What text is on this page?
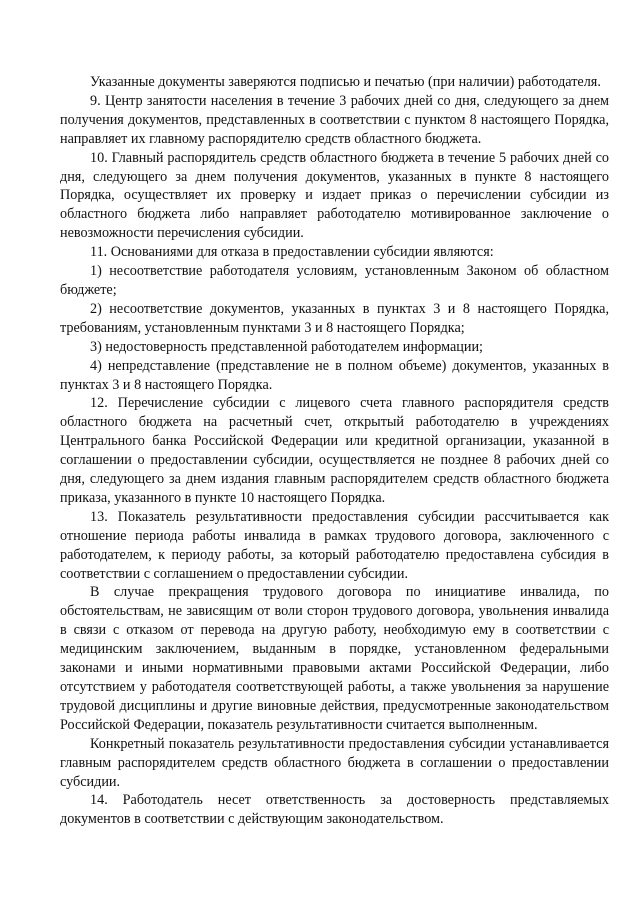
Указанные документы заверяются подписью и печатью (при наличии) работодателя.

9. Центр занятости населения в течение 3 рабочих дней со дня, следующего за днем получения документов, представленных в соответствии с пунктом 8 настоящего Порядка, направляет их главному распорядителю средств областного бюджета.

10. Главный распорядитель средств областного бюджета в течение 5 рабочих дней со дня, следующего за днем получения документов, указанных в пункте 8 настоящего Порядка, осуществляет их проверку и издает приказ о перечислении субсидии из областного бюджета либо направляет работодателю мотивированное заключение о невозможности перечисления субсидии.

11. Основаниями для отказа в предоставлении субсидии являются:

1) несоответствие работодателя условиям, установленным Законом об областном бюджете;

2) несоответствие документов, указанных в пунктах 3 и 8 настоящего Порядка, требованиям, установленным пунктами 3 и 8 настоящего Порядка;

3) недостоверность представленной работодателем информации;

4) непредставление (представление не в полном объеме) документов, указанных в пунктах 3 и 8 настоящего Порядка.

12. Перечисление субсидии с лицевого счета главного распорядителя средств областного бюджета на расчетный счет, открытый работодателю в учреждениях Центрального банка Российской Федерации или кредитной организации, указанной в соглашении о предоставлении субсидии, осуществляется не позднее 8 рабочих дней со дня, следующего за днем издания главным распорядителем средств областного бюджета приказа, указанного в пункте 10 настоящего Порядка.

13. Показатель результативности предоставления субсидии рассчитывается как отношение периода работы инвалида в рамках трудового договора, заключенного с работодателем, к периоду работы, за который работодателю предоставлена субсидия в соответствии с соглашением о предоставлении субсидии.

В случае прекращения трудового договора по инициативе инвалида, по обстоятельствам, не зависящим от воли сторон трудового договора, увольнения инвалида в связи с отказом от перевода на другую работу, необходимую ему в соответствии с медицинским заключением, выданным в порядке, установленном федеральными законами и иными нормативными правовыми актами Российской Федерации, либо отсутствием у работодателя соответствующей работы, а также увольнения за нарушение трудовой дисциплины и другие виновные действия, предусмотренные законодательством Российской Федерации, показатель результативности считается выполненным.

Конкретный показатель результативности предоставления субсидии устанавливается главным распорядителем средств областного бюджета в соглашении о предоставлении субсидии.

14. Работодатель несет ответственность за достоверность представляемых документов в соответствии с действующим законодательством.
